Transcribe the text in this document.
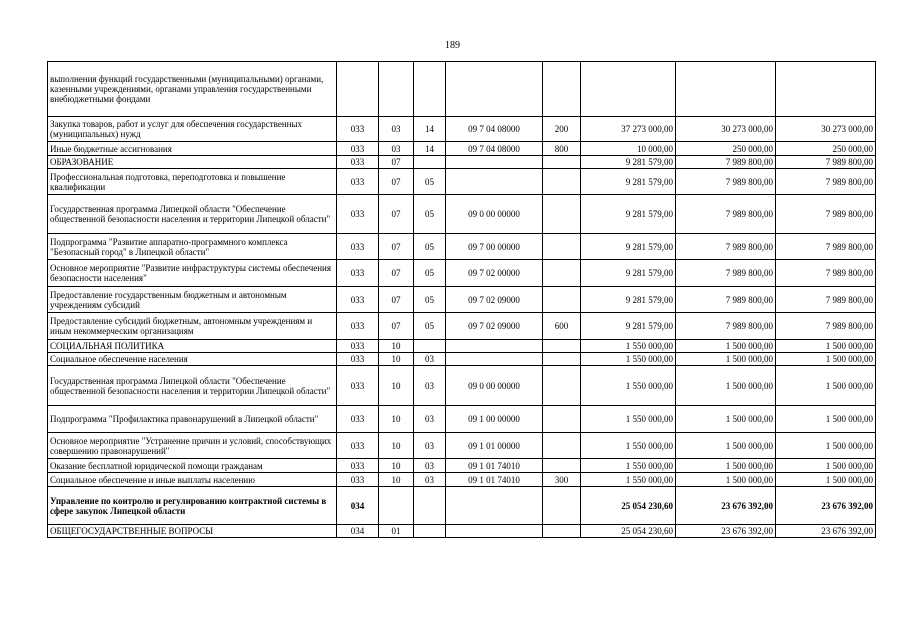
189
выполнения функций государственными (муниципальными) органами, казенными учреждениями, органами управления государственными внебюджетными фондами								
Закупка товаров, работ и услуг для обеспечения государственных (муниципальных) нужд	033	03	14	09 7 04 08000	200	37 273 000,00	30 273 000,00	30 273 000,00
Иные бюджетные ассигнования	033	03	14	09 7 04 08000	800	10 000,00	250 000,00	250 000,00
ОБРАЗОВАНИЕ	033	07				9 281 579,00	7 989 800,00	7 989 800,00
Профессиональная подготовка, переподготовка и повышение квалификации	033	07	05			9 281 579,00	7 989 800,00	7 989 800,00
Государственная программа Липецкой области "Обеспечение общественной безопасности населения и территории Липецкой области"	033	07	05	09 0 00 00000		9 281 579,00	7 989 800,00	7 989 800,00
Подпрограмма "Развитие аппаратно-программного комплекса "Безопасный город" в Липецкой области"	033	07	05	09 7 00 00000		9 281 579,00	7 989 800,00	7 989 800,00
Основное мероприятие "Развитие инфраструктуры системы обеспечения безопасности населения"	033	07	05	09 7 02 00000		9 281 579,00	7 989 800,00	7 989 800,00
Предоставление государственным бюджетным и автономным учреждениям субсидий	033	07	05	09 7 02 09000		9 281 579,00	7 989 800,00	7 989 800,00
Предоставление субсидий бюджетным, автономным учреждениям и иным некоммерческим организациям	033	07	05	09 7 02 09000	600	9 281 579,00	7 989 800,00	7 989 800,00
СОЦИАЛЬНАЯ ПОЛИТИКА	033	10				1 550 000,00	1 500 000,00	1 500 000,00
Социальное обеспечение населения	033	10	03			1 550 000,00	1 500 000,00	1 500 000,00
Государственная программа Липецкой области "Обеспечение общественной безопасности населения и территории Липецкой области"	033	10	03	09 0 00 00000		1 550 000,00	1 500 000,00	1 500 000,00
Подпрограмма "Профилактика правонарушений в Липецкой области"	033	10	03	09 1 00 00000		1 550 000,00	1 500 000,00	1 500 000,00
Основное мероприятие "Устранение причин и условий, способствующих совершению правонарушений"	033	10	03	09 1 01 00000		1 550 000,00	1 500 000,00	1 500 000,00
Оказание бесплатной юридической помощи гражданам	033	10	03	09 1 01 74010		1 550 000,00	1 500 000,00	1 500 000,00
Социальное обеспечение и иные выплаты населению	033	10	03	09 1 01 74010	300	1 550 000,00	1 500 000,00	1 500 000,00
Управление по контролю и регулированию контрактной системы в сфере закупок Липецкой области	034					25 054 230,60	23 676 392,00	23 676 392,00
ОБЩЕГОСУДАРСТВЕННЫЕ ВОПРОСЫ	034	01				25 054 230,60	23 676 392,00	23 676 392,00
